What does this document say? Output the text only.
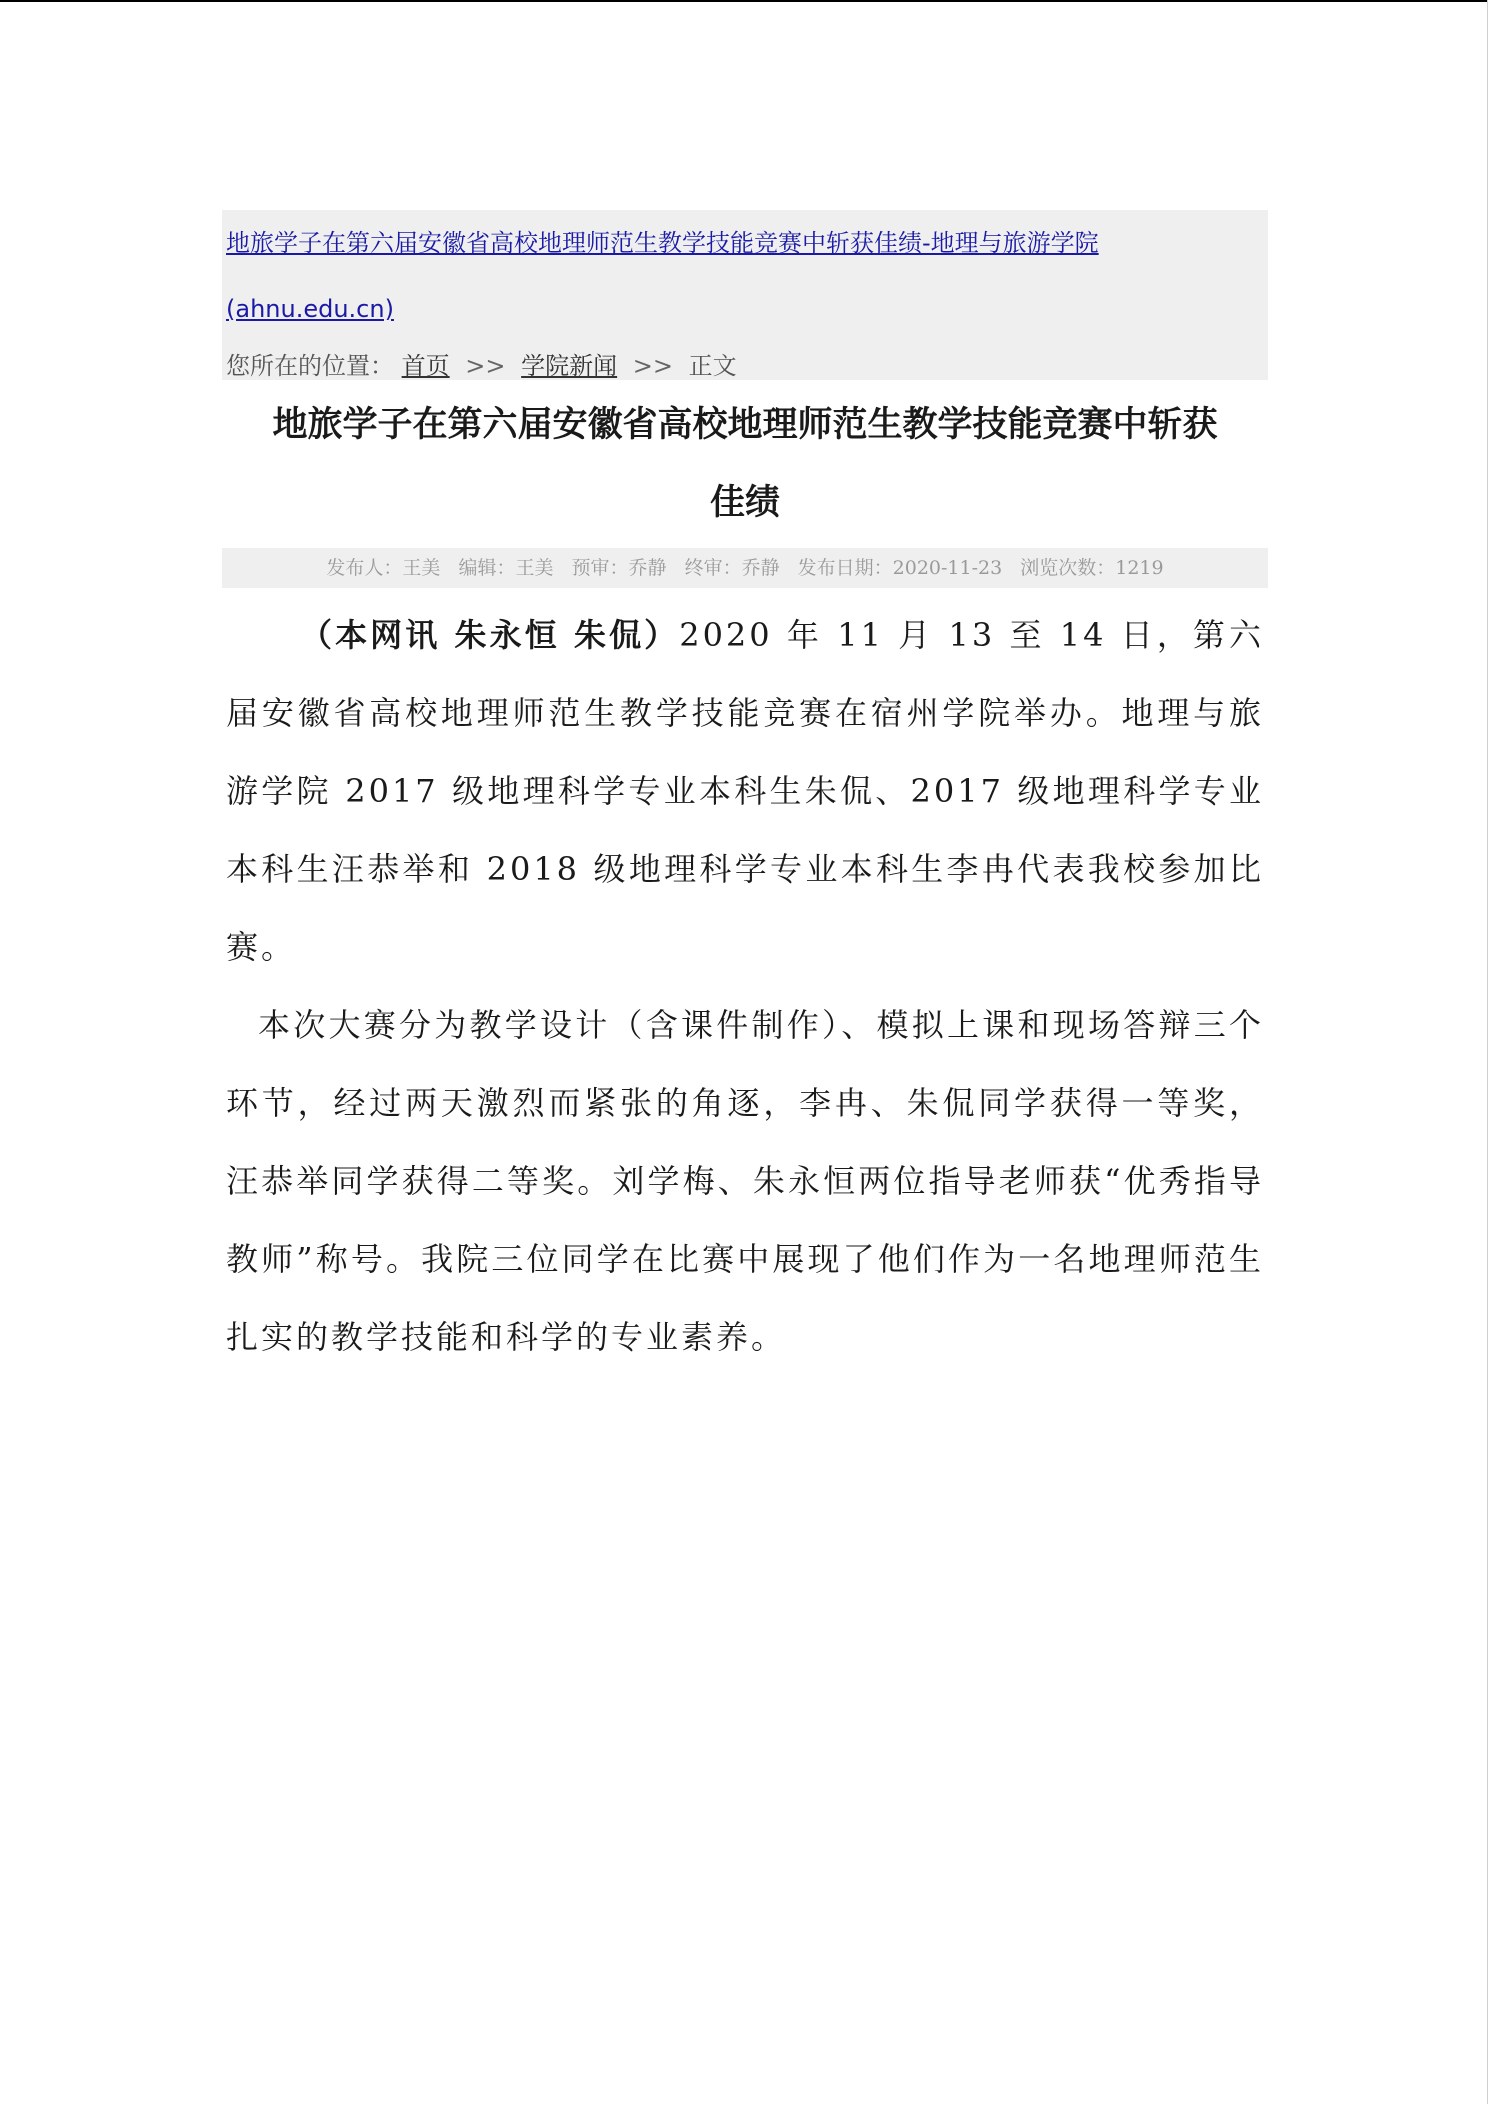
地旅学子在第六届安徽省高校地理师范生教学技能竞赛中斩获佳绩-地理与旅游学院
(ahnu.edu.cn)
您所在的位置： 首页 >> 学院新闻 >> 正文
地旅学子在第六届安徽省高校地理师范生教学技能竞赛中斩获
佳绩
发布人：王美 编辑：王美 预审：乔静 终审：乔静 发布日期：2020-11-23 浏览次数：1219

（本网讯 朱永恒 朱侃）2020 年 11 月 13 至 14 日，第六届安徽省高校地理师范生教学技能竞赛在宿州学院举办。地理与旅游学院 2017 级地理科学专业本科生朱侃、2017 级地理科学专业本科生汪恭举和 2018 级地理科学专业本科生李冉代表我校参加比赛。

本次大赛分为教学设计（含课件制作）、模拟上课和现场答辩三个环节，经过两天激烈而紧张的角逐，李冉、朱侃同学获得一等奖，汪恭举同学获得二等奖。刘学梅、朱永恒两位指导老师获“优秀指导教师”称号。我院三位同学在比赛中展现了他们作为一名地理师范生扎实的教学技能和科学的专业素养。
